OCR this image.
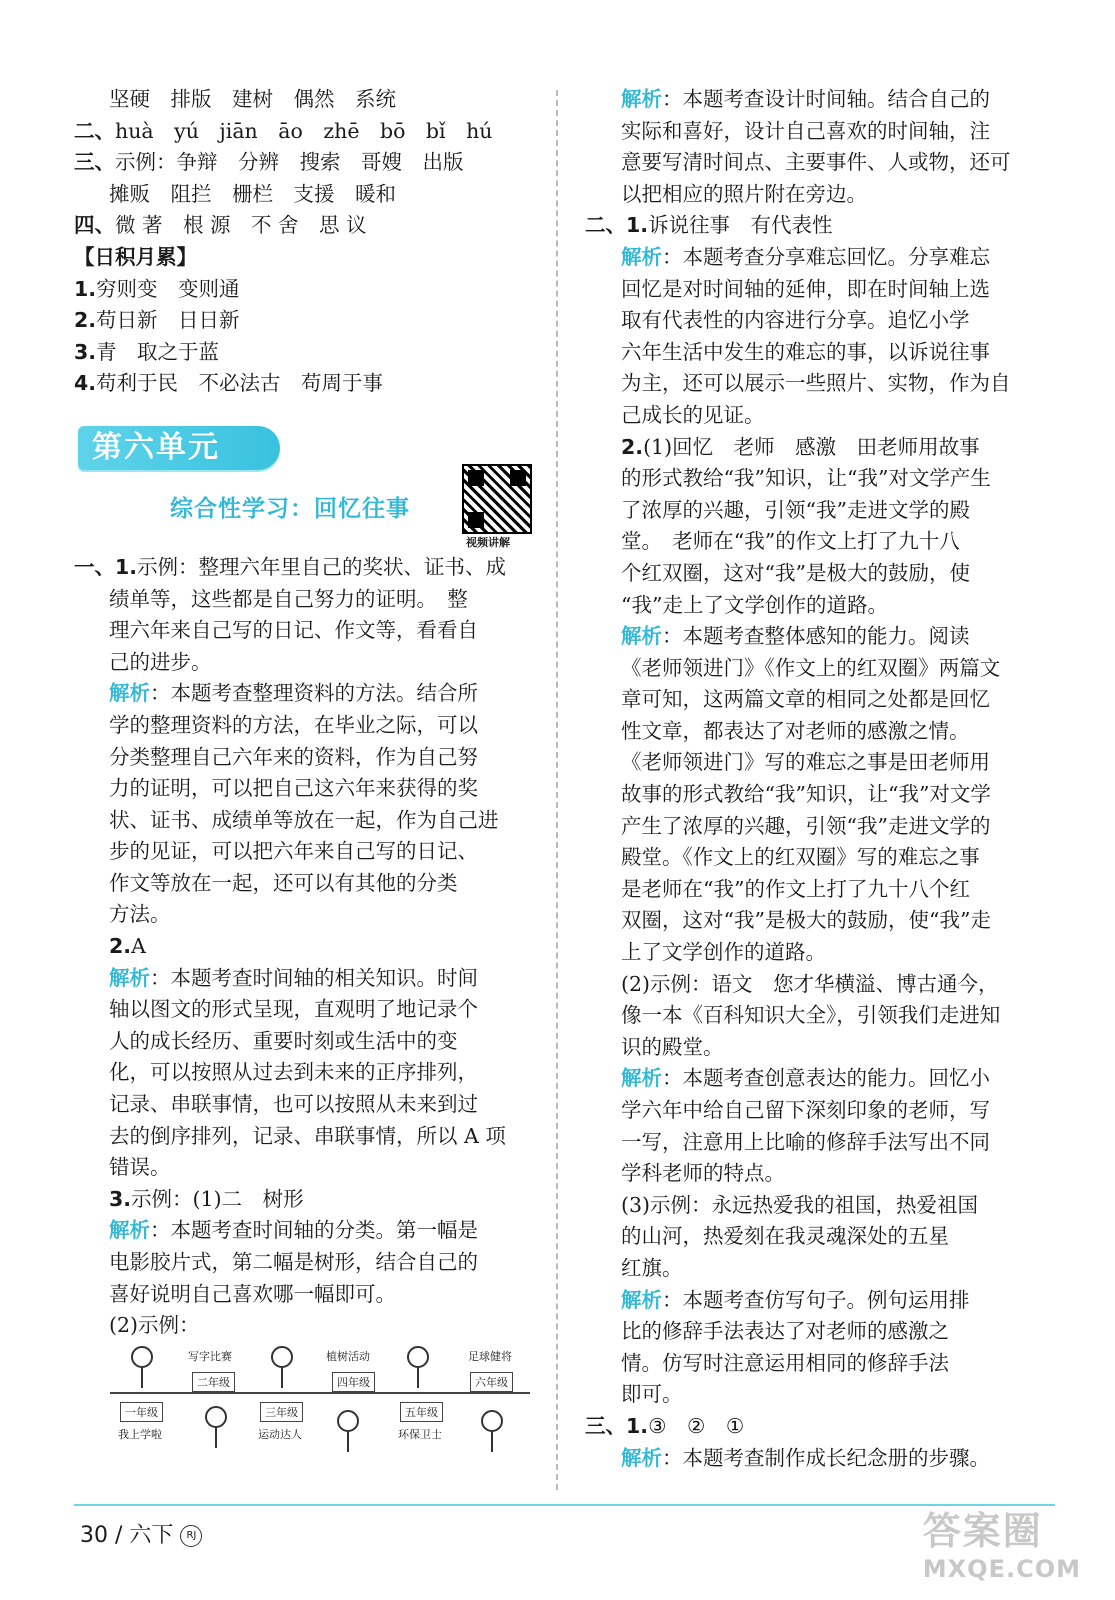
坚硬　排版　建树　偶然　系统
二、huà　yú　jiān　āo　zhē　bō　bǐ　hú
三、示例：争辩　分辨　搜索　哥嫂　出版
摊贩　阻拦　栅栏　支援　暖和
四、微 著　根 源　不 舍　思 议
【日积月累】
1.穷则变　变则通
2.苟日新　日日新
3.青　取之于蓝
4.苟利于民　不必法古　苟周于事
第六单元
综合性学习：回忆往事
视频讲解
一、1.示例：整理六年里自己的奖状、证书、成
绩单等，这些都是自己努力的证明。　整
理六年来自己写的日记、作文等，看看自
己的进步。
解析：本题考查整理资料的方法。结合所
学的整理资料的方法，在毕业之际，可以
分类整理自己六年来的资料，作为自己努
力的证明，可以把自己这六年来获得的奖
状、证书、成绩单等放在一起，作为自己进
步的见证，可以把六年来自己写的日记、
作文等放在一起，还可以有其他的分类
方法。
2.A
解析：本题考查时间轴的相关知识。时间
轴以图文的形式呈现，直观明了地记录个
人的成长经历、重要时刻或生活中的变
化，可以按照从过去到未来的正序排列，
记录、串联事情，也可以按照从未来到过
去的倒序排列，记录、串联事情，所以 A 项
错误。
3.示例：(1)二　树形
解析：本题考查时间轴的分类。第一幅是
电影胶片式，第二幅是树形，结合自己的
喜好说明自己喜欢哪一幅即可。
(2)示例：
写字比赛	植树活动	足球健将
二年级	四年级	六年级
一年级	三年级	五年级
我上学啦	运动达人	环保卫士
解析：本题考查设计时间轴。结合自己的
实际和喜好，设计自己喜欢的时间轴，注
意要写清时间点、主要事件、人或物，还可
以把相应的照片附在旁边。
二、1.诉说往事　有代表性
解析：本题考查分享难忘回忆。分享难忘
回忆是对时间轴的延伸，即在时间轴上选
取有代表性的内容进行分享。追忆小学
六年生活中发生的难忘的事，以诉说往事
为主，还可以展示一些照片、实物，作为自
己成长的见证。
2.(1)回忆　老师　感激　田老师用故事
的形式教给“我”知识，让“我”对文学产生
了浓厚的兴趣，引领“我”走进文学的殿
堂。　老师在“我”的作文上打了九十八
个红双圈，这对“我”是极大的鼓励，使
“我”走上了文学创作的道路。
解析：本题考查整体感知的能力。阅读
《老师领进门》《作文上的红双圈》两篇文
章可知，这两篇文章的相同之处都是回忆
性文章，都表达了对老师的感激之情。
《老师领进门》写的难忘之事是田老师用
故事的形式教给“我”知识，让“我”对文学
产生了浓厚的兴趣，引领“我”走进文学的
殿堂。《作文上的红双圈》写的难忘之事
是老师在“我”的作文上打了九十八个红
双圈，这对“我”是极大的鼓励，使“我”走
上了文学创作的道路。
(2)示例：语文　您才华横溢、博古通今，
像一本《百科知识大全》，引领我们走进知
识的殿堂。
解析：本题考查创意表达的能力。回忆小
学六年中给自己留下深刻印象的老师，写
一写，注意用上比喻的修辞手法写出不同
学科老师的特点。
(3)示例：永远热爱我的祖国，热爱祖国
的山河，热爱刻在我灵魂深处的五星
红旗。
解析：本题考查仿写句子。例句运用排
比的修辞手法表达了对老师的感激之
情。仿写时注意运用相同的修辞手法
即可。
三、1.③　②　①
解析：本题考查制作成长纪念册的步骤。
30 / 六下 RJ	答案圈
MXQE.COM
